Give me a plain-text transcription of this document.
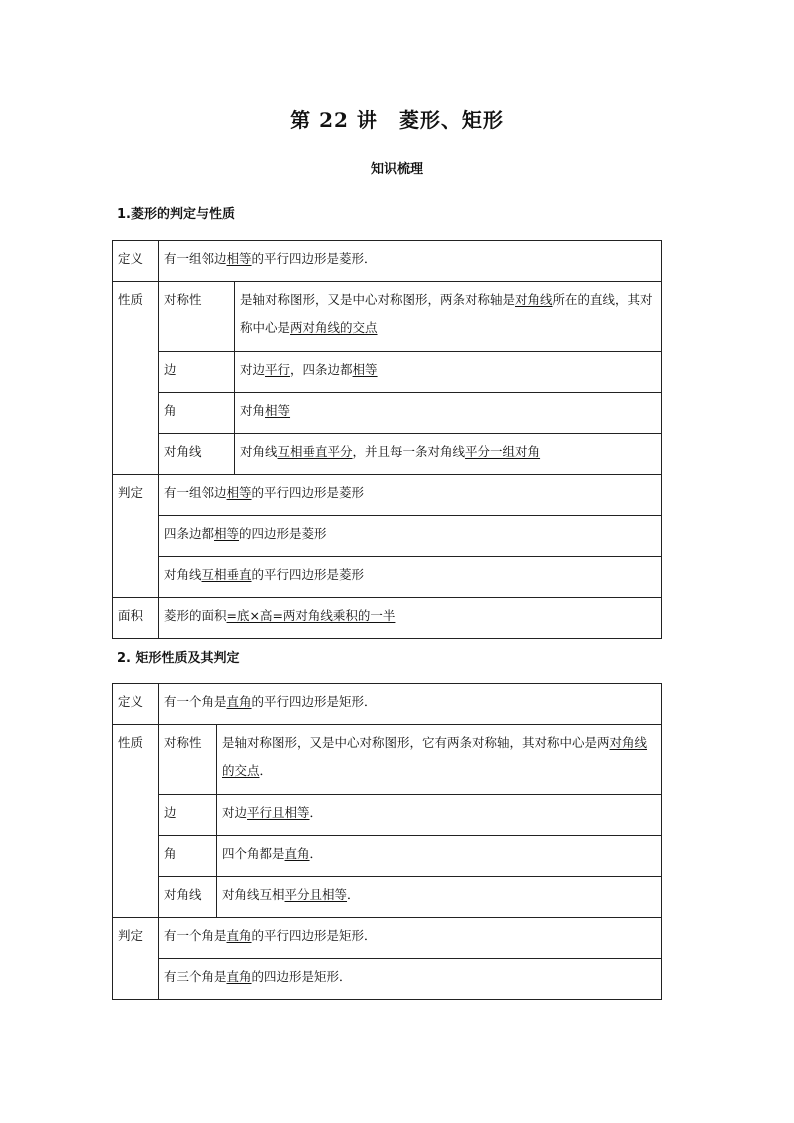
第 22 讲　菱形、矩形
知识梳理
1.菱形的判定与性质
定义	有一组邻边相等的平行四边形是菱形．	
性质	对称性	是轴对称图形，又是中心对称图形，两条对称轴是对角线所在的直线，其对称中心是两对角线的交点
	边	对边平行，四条边都相等
	角	对角相等
	对角线	对角线互相垂直平分，并且每一条对角线平分一组对角
判定	有一组邻边相等的平行四边形是菱形	
	四条边都相等的四边形是菱形	
	对角线互相垂直的平行四边形是菱形	
面积	菱形的面积=底×高=两对角线乘积的一半	
2. 矩形性质及其判定
定义	有一个角是直角的平行四边形是矩形．	
性质	对称性	是轴对称图形，又是中心对称图形，它有两条对称轴，其对称中心是两对角线的交点．
	边	对边平行且相等．
	角	四个角都是直角．
	对角线	对角线互相平分且相等．
判定	有一个角是直角的平行四边形是矩形．	
	有三个角是直角的四边形是矩形．	
